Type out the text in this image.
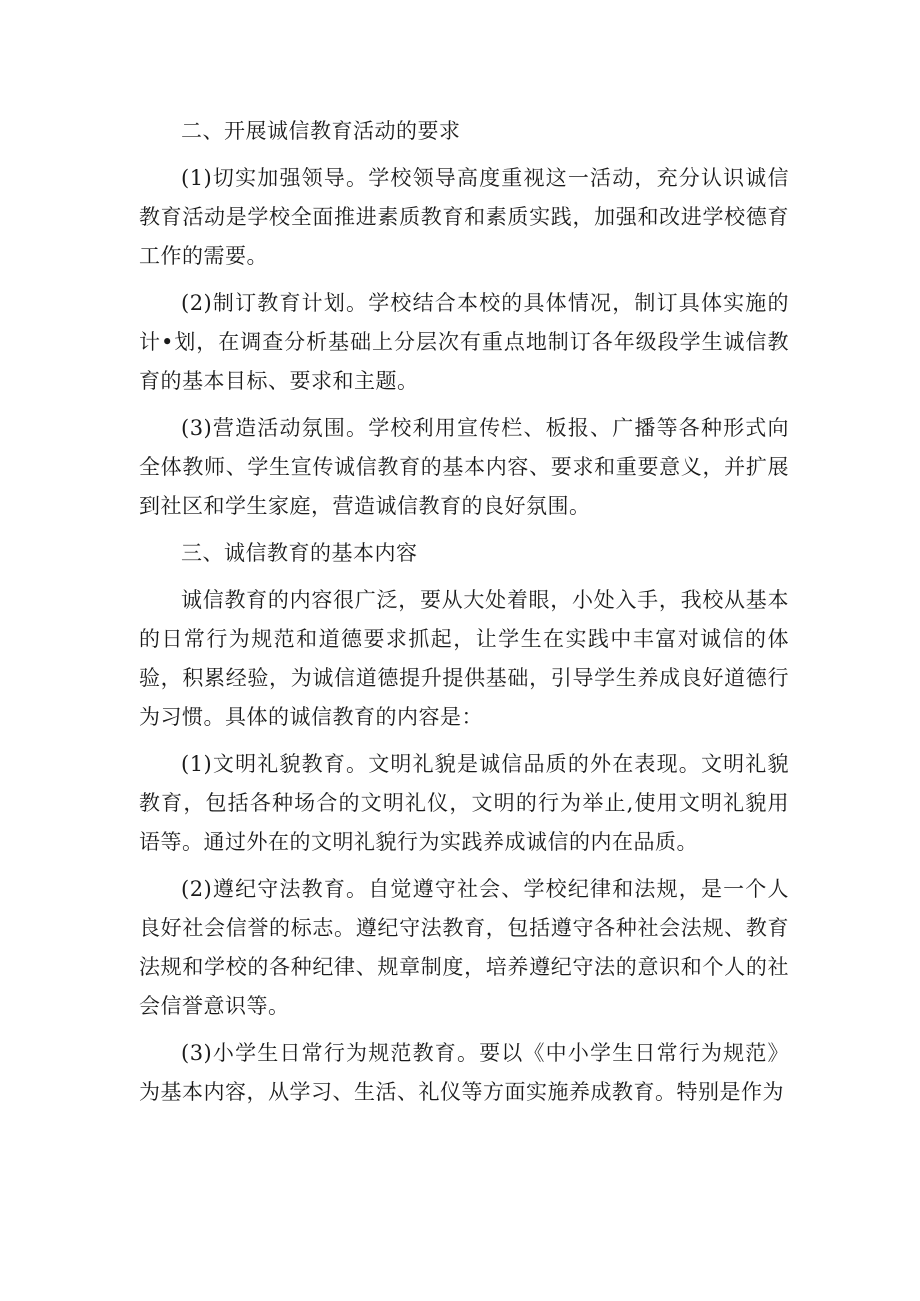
二、开展诚信教育活动的要求

(1)切实加强领导。学校领导高度重视这一活动，充分认识诚信教育活动是学校全面推进素质教育和素质实践，加强和改进学校德育工作的需要。

(2)制订教育计划。学校结合本校的具体情况，制订具体实施的计•划，在调查分析基础上分层次有重点地制订各年级段学生诚信教育的基本目标、要求和主题。

(3)营造活动氛围。学校利用宣传栏、板报、广播等各种形式向全体教师、学生宣传诚信教育的基本内容、要求和重要意义，并扩展到社区和学生家庭，营造诚信教育的良好氛围。

三、诚信教育的基本内容

诚信教育的内容很广泛，要从大处着眼，小处入手，我校从基本的日常行为规范和道德要求抓起，让学生在实践中丰富对诚信的体验，积累经验，为诚信道德提升提供基础，引导学生养成良好道德行为习惯。具体的诚信教育的内容是：

(1)文明礼貌教育。文明礼貌是诚信品质的外在表现。文明礼貌教育，包括各种场合的文明礼仪，文明的行为举止,使用文明礼貌用语等。通过外在的文明礼貌行为实践养成诚信的内在品质。

(2)遵纪守法教育。自觉遵守社会、学校纪律和法规，是一个人良好社会信誉的标志。遵纪守法教育，包括遵守各种社会法规、教育法规和学校的各种纪律、规章制度，培养遵纪守法的意识和个人的社会信誉意识等。

(3)小学生日常行为规范教育。要以《中小学生日常行为规范》为基本内容，从学习、生活、礼仪等方面实施养成教育。特别是作为
